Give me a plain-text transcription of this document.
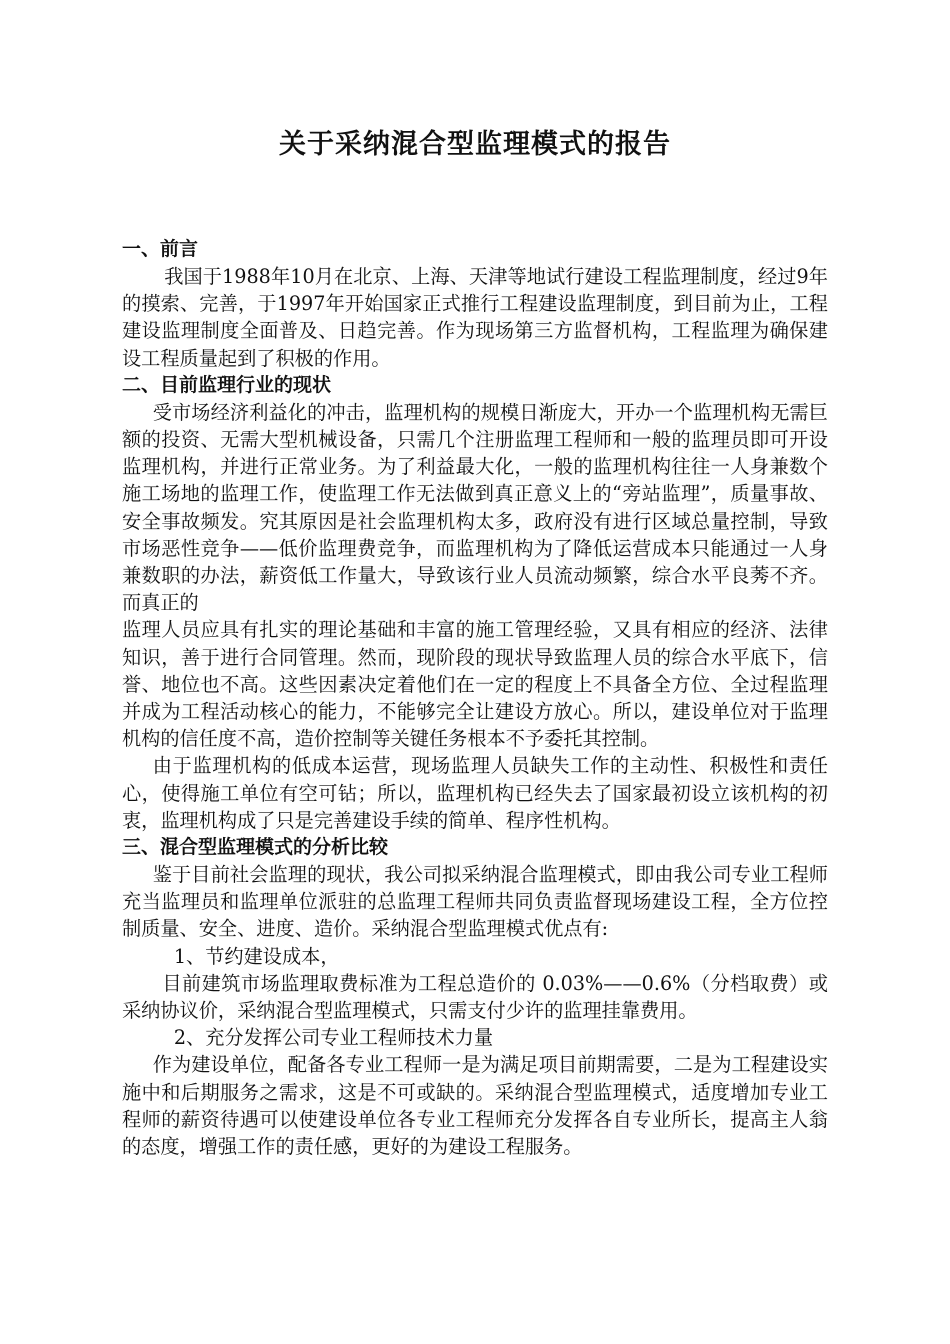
关于采纳混合型监理模式的报告

一、前言

我国于1988年10月在北京、上海、天津等地试行建设工程监理制度，经过9年的摸索、完善，于1997年开始国家正式推行工程建设监理制度，到目前为止，工程建设监理制度全面普及、日趋完善。作为现场第三方监督机构，工程监理为确保建设工程质量起到了积极的作用。

二、目前监理行业的现状

受市场经济利益化的冲击，监理机构的规模日渐庞大，开办一个监理机构无需巨额的投资、无需大型机械设备，只需几个注册监理工程师和一般的监理员即可开设监理机构，并进行正常业务。为了利益最大化，一般的监理机构往往一人身兼数个施工场地的监理工作，使监理工作无法做到真正意义上的“旁站监理”，质量事故、安全事故频发。究其原因是社会监理机构太多，政府没有进行区域总量控制，导致市场恶性竞争——低价监理费竞争，而监理机构为了降低运营成本只能通过一人身兼数职的办法，薪资低工作量大，导致该行业人员流动频繁，综合水平良莠不齐。而真正的

监理人员应具有扎实的理论基础和丰富的施工管理经验，又具有相应的经济、法律知识，善于进行合同管理。然而，现阶段的现状导致监理人员的综合水平底下，信誉、地位也不高。这些因素决定着他们在一定的程度上不具备全方位、全过程监理并成为工程活动核心的能力，不能够完全让建设方放心。所以，建设单位对于监理机构的信任度不高，造价控制等关键任务根本不予委托其控制。

由于监理机构的低成本运营，现场监理人员缺失工作的主动性、积极性和责任心，使得施工单位有空可钻；所以，监理机构已经失去了国家最初设立该机构的初衷，监理机构成了只是完善建设手续的简单、程序性机构。

三、混合型监理模式的分析比较

鉴于目前社会监理的现状，我公司拟采纳混合监理模式，即由我公司专业工程师充当监理员和监理单位派驻的总监理工程师共同负责监督现场建设工程，全方位控制质量、安全、进度、造价。采纳混合型监理模式优点有:

1、节约建设成本，

目前建筑市场监理取费标准为工程总造价的 0.03%——0.6%（分档取费）或采纳协议价，采纳混合型监理模式，只需支付少许的监理挂靠费用。

2、充分发挥公司专业工程师技术力量

作为建设单位，配备各专业工程师一是为满足项目前期需要，二是为工程建设实施中和后期服务之需求，这是不可或缺的。采纳混合型监理模式，适度增加专业工程师的薪资待遇可以使建设单位各专业工程师充分发挥各自专业所长，提高主人翁的态度，增强工作的责任感，更好的为建设工程服务。
